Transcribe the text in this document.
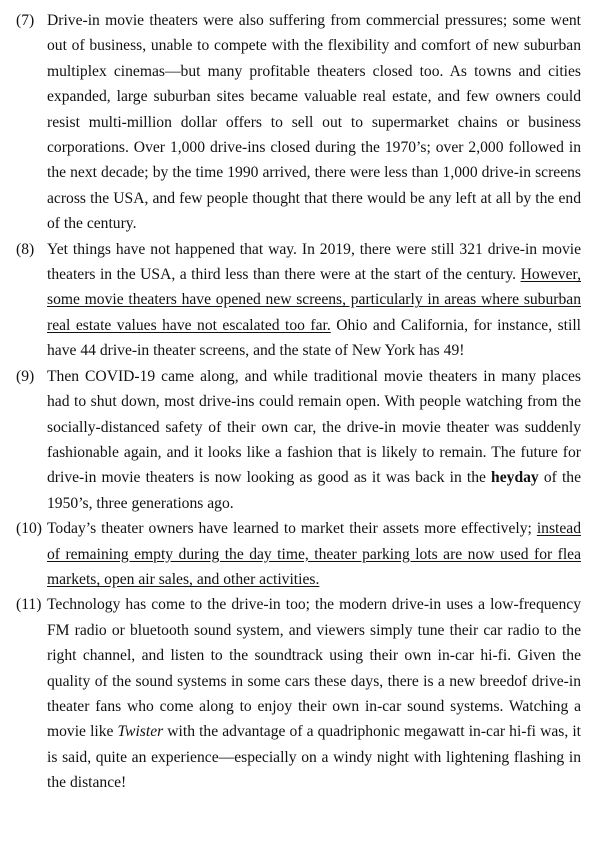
(7) Drive-in movie theaters were also suffering from commercial pressures; some went out of business, unable to compete with the flexibility and comfort of new suburban multiplex cinemas—but many profitable theaters closed too. As towns and cities expanded, large suburban sites became valuable real estate, and few owners could resist multi-million dollar offers to sell out to supermarket chains or business corporations. Over 1,000 drive-ins closed during the 1970’s; over 2,000 followed in the next decade; by the time 1990 arrived, there were less than 1,000 drive-in screens across the USA, and few people thought that there would be any left at all by the end of the century.

(8) Yet things have not happened that way. In 2019, there were still 321 drive-in movie theaters in the USA, a third less than there were at the start of the century. However, some movie theaters have opened new screens, particularly in areas where suburban real estate values have not escalated too far. Ohio and California, for instance, still have 44 drive-in theater screens, and the state of New York has 49!

(9) Then COVID-19 came along, and while traditional movie theaters in many places had to shut down, most drive-ins could remain open. With people watching from the socially-distanced safety of their own car, the drive-in movie theater was suddenly fashionable again, and it looks like a fashion that is likely to remain. The future for drive-in movie theaters is now looking as good as it was back in the heyday of the 1950’s, three generations ago.

(10) Today’s theater owners have learned to market their assets more effectively; instead of remaining empty during the day time, theater parking lots are now used for flea markets, open air sales, and other activities.

(11) Technology has come to the drive-in too; the modern drive-in uses a low-frequency FM radio or bluetooth sound system, and viewers simply tune their car radio to the right channel, and listen to the soundtrack using their own in-car hi-fi. Given the quality of the sound systems in some cars these days, there is a new breedof drive-in theater fans who come along to enjoy their own in-car sound systems. Watching a movie like Twister with the advantage of a quadriphonic megawatt in-car hi-fi was, it is said, quite an experience—especially on a windy night with lightening flashing in the distance!
